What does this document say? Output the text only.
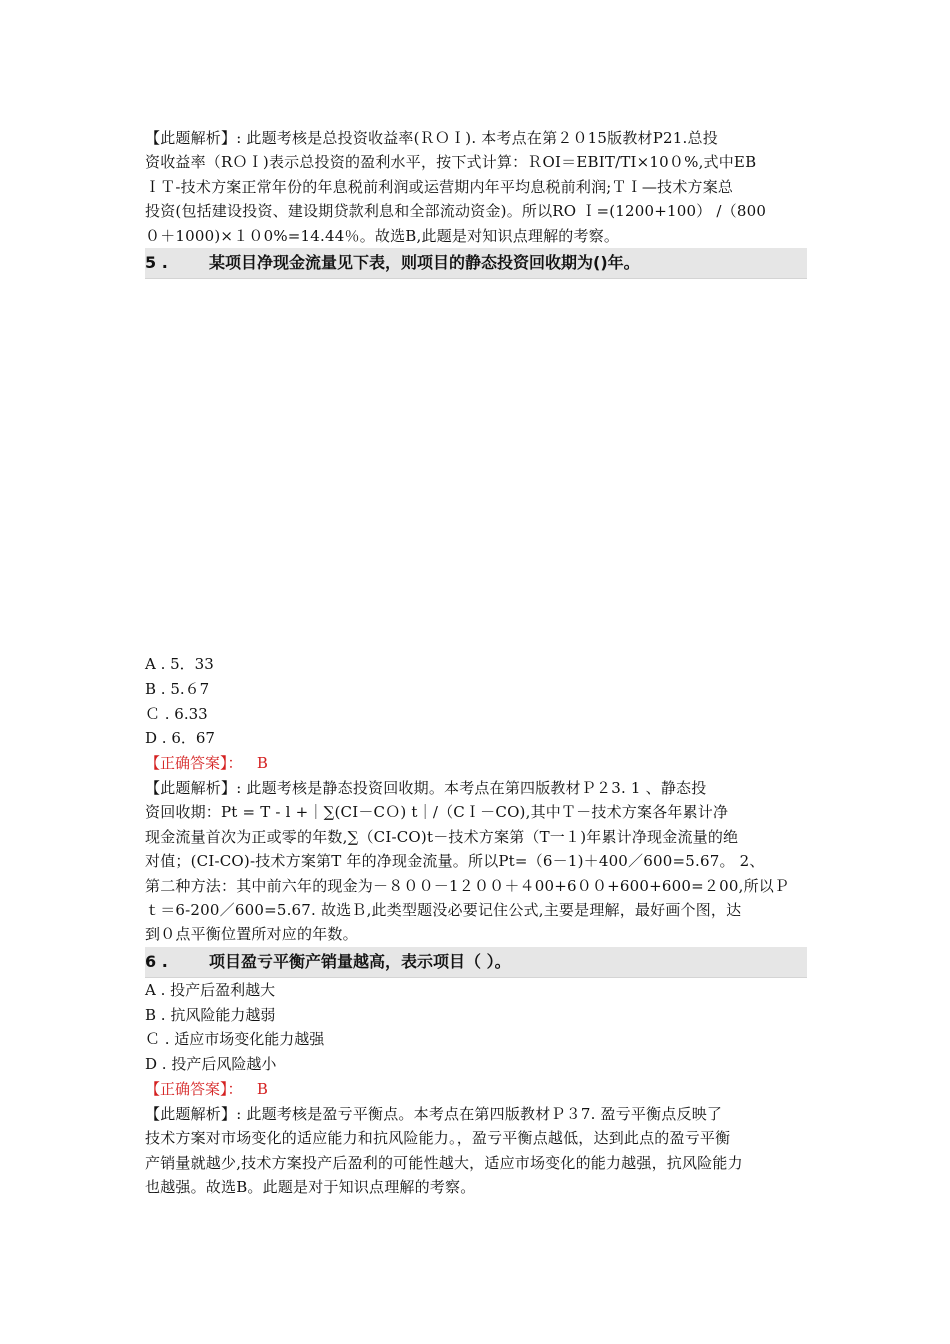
【此题解析】: 此题考核是总投资收益率(ＲＯＩ). 本考点在第２０15版教材P21.总投
资收益率（RＯＩ)表示总投资的盈利水平，按下式计算：ＲOI＝EBIT/TI×10０%,式中EB
ＩＴ-技术方案正常年份的年息税前利润或运营期内年平均息税前利润;ＴＩ—技术方案总
投资(包括建设投资、建设期贷款利息和全部流动资金)。所以RO Ｉ=(1200+100） /（800
０＋1000)×１０0%=14.44％。故选B,此题是对知识点理解的考察。
5 .	某项目净现金流量见下表，则项目的静态投资回收期为()年。

A . 5．33

B . 5.６7

Ｃ . 6.33

D . 6．67

【正确答案】： B

【此题解析】: 此题考核是静态投资回收期。本考点在第四版教材Ｐ２3. 1 、静态投
资回收期：Pt = T - l +｜∑(CI－CＯ) t｜/（CＩ－CO),其中Ｔ－技术方案各年累计净
现金流量首次为正或零的年数,∑（CI-CO)t－技术方案第（T一１)年累计净现金流量的绝
对值；(CI-CO)-技术方案第T 年的净现金流量。所以Pt=（6－1)＋400／600=5.67。 2、
第二种方法：其中前六年的现金为－８００－1２００＋４00+6００+600+600=２00,所以Ｐ
ｔ＝6-200／600=5.67. 故选Ｂ,此类型题没必要记住公式,主要是理解，最好画个图，达
到０点平衡位置所对应的年数。
6 .	项目盈亏平衡产销量越高，表示项目（ ）。

A . 投产后盈利越大

B . 抗风险能力越弱

Ｃ . 适应市场变化能力越强

D . 投产后风险越小

【正确答案】： B

【此题解析】: 此题考核是盈亏平衡点。本考点在第四版教材Ｐ３7. 盈亏平衡点反映了
技术方案对市场变化的适应能力和抗风险能力。，盈亏平衡点越低，达到此点的盈亏平衡
产销量就越少,技术方案投产后盈利的可能性越大，适应市场变化的能力越强，抗风险能力
也越强。故选B。此题是对于知识点理解的考察。
